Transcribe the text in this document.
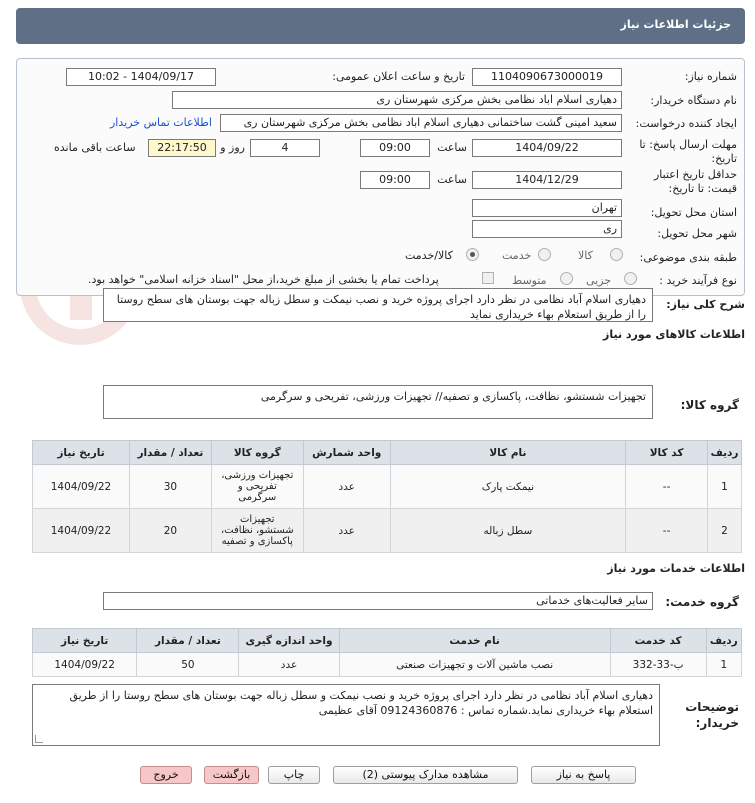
جزئیات اطلاعات نیاز
شماره نیاز:
1104090673000019
تاریخ و ساعت اعلان عمومی:
1404/09/17 - 10:02
نام دستگاه خریدار:
دهیاری اسلام اباد نظامی بخش مرکزی شهرستان ری
ایجاد کننده درخواست:
سعید امینی گشت ساختمانی دهیاری اسلام اباد نظامی بخش مرکزی شهرستان ری
اطلاعات تماس خریدار
مهلت ارسال پاسخ: تا
تاریخ:
1404/09/22
ساعت
09:00
4
روز و
22:17:50
ساعت باقی مانده
حداقل تاریخ اعتبار
قیمت: تا تاریخ:
1404/12/29
ساعت
09:00
استان محل تحویل:
تهران
شهر محل تحویل:
ری
طبقه بندی موضوعی:
کالا
خدمت
کالا/خدمت
نوع فرآیند خرید :
جزیی
متوسط
پرداخت تمام یا بخشی از مبلغ خرید،از محل "اسناد خزانه اسلامی" خواهد بود.
شرح کلی نیاز:
دهیاری اسلام آباد نظامی در نظر دارد اجرای پروژه خرید و نصب نیمکت و سطل زباله جهت بوستان های سطح روستا را از طریق استعلام بهاء خریداری نماید
اطلاعات کالاهای مورد نیاز
گروه کالا:
تجهیزات شستشو، نظافت، پاکسازی و تصفیه// تجهیزات ورزشی، تفریحی و سرگرمی
ردیف	کد کالا	نام کالا	واحد شمارش	گروه کالا	تعداد / مقدار	تاریخ نیاز
1	--	نیمکت پارک	عدد	تجهیزات ورزشی، تفریحی و سرگرمی	30	1404/09/22
2	--	سطل زباله	عدد	تجهیزات شستشو، نظافت، پاکسازی و تصفیه	20	1404/09/22
اطلاعات خدمات مورد نیاز
گروه خدمت:
سایر فعالیت‌های خدماتی
ردیف	کد خدمت	نام خدمت	واحد اندازه گیری	تعداد / مقدار	تاریخ نیاز
1	ب-33-332	نصب ماشین آلات و تجهیزات صنعتی	عدد	50	1404/09/22
توضیحات
خریدار:
دهیاری اسلام آباد نظامی در نظر دارد اجرای پروژه خرید و نصب نیمکت و سطل زباله جهت بوستان های سطح روستا را از طریق استعلام بهاء خریداری نماید.شماره تماس : 09124360876 آقای عظیمی
پاسخ به نیاز
مشاهده مدارک پیوستی (2)
چاپ
بازگشت
خروج
